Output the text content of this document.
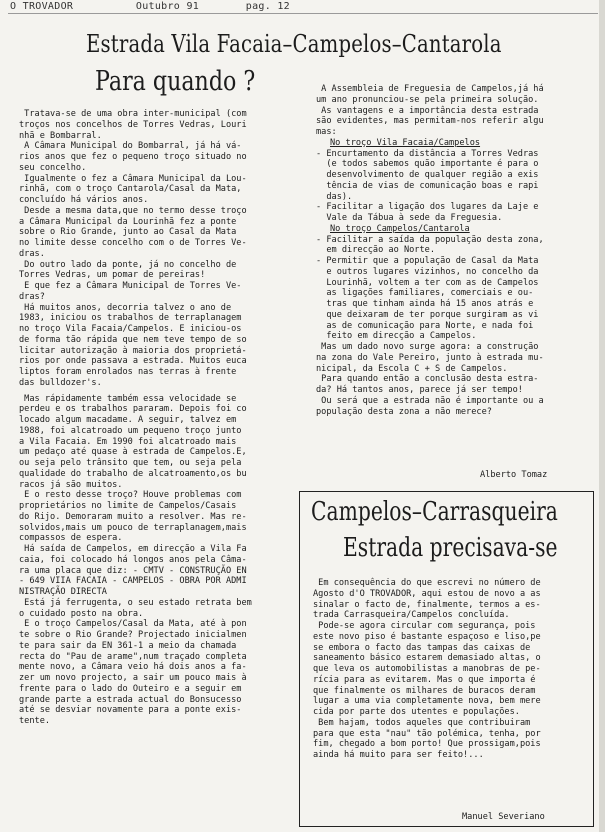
O TROVADOR	Outubro 91	pag. 12
Estrada Vila Facaia–Campelos–Cantarola
Para quando ?

Tratava-se de uma obra inter-municipal (com

troços nos concelhos de Torres Vedras, Louri

nhã e Bombarral.

A Câmara Municipal do Bombarral, já há vá-

rios anos que fez o pequeno troço situado no

seu concelho.

Igualmente o fez a Câmara Municipal da Lou-

rinhã, com o troço Cantarola/Casal da Mata,

concluído há vários anos.

Desde a mesma data,que no termo desse troço

a Câmara Municipal da Lourinhã fez a ponte

sobre o Rio Grande, junto ao Casal da Mata

no limite desse concelho com o de Torres Ve-

dras.

Do outro lado da ponte, já no concelho de

Torres Vedras, um pomar de pereiras!

E que fez a Câmara Municipal de Torres Ve-

dras?

Há muitos anos, decorria talvez o ano de

1983, iniciou os trabalhos de terraplanagem

no troço Vila Facaia/Campelos. E iniciou-os

de forma tão rápida que nem teve tempo de so

licitar autorização à maioria dos proprietá-

rios por onde passava a estrada. Muitos euca

liptos foram enrolados nas terras à frente

das bulldozer's.

Mas rápidamente também essa velocidade se

perdeu e os trabalhos pararam. Depois foi co

locado algum macadame. A seguir, talvez em

1988, foi alcatroado um pequeno troço junto

a Vila Facaia. Em 1990 foi alcatroado mais

um pedaço até quase à estrada de Campelos.E,

ou seja pelo trânsito que tem, ou seja pela

qualidade do trabalho de alcatroamento,os bu

racos já são muitos.

E o resto desse troço? Houve problemas com

proprietários no limite de Campelos/Casais

do Rijo. Demoraram muito a resolver. Mas re-

solvidos,mais um pouco de terraplanagem,mais

compassos de espera.

Há saída de Campelos, em direcção a Vila Fa

caia, foi colocado há longos anos pela Câma-

ra uma placa que diz: - CMTV - CONSTRUÇÃO EN

- 649 VIIA FACAIA - CAMPELOS - OBRA POR ADMI

NISTRAÇÃO DIRECTA

Está já ferrugenta, o seu estado retrata bem

o cuidado posto na obra.

E o troço Campelos/Casal da Mata, até à pon

te sobre o Rio Grande? Projectado inicialmen

te para sair da EN 361-1 a meio da chamada

recta do "Pau de arame",num traçado completa

mente novo, a Câmara veio há dois anos a fa-

zer um novo projecto, a sair um pouco mais à

frente para o lado do Outeiro e a seguir em

grande parte a estrada actual do Bonsucesso

até se desviar novamente para a ponte exis-

tente.

A Assembleia de Freguesia de Campelos,já há

um ano pronunciou-se pela primeira solução.

As vantagens e a importância desta estrada

são evidentes, mas permitam-nos referir algu

mas:

No troço Vila Facaia/Campelos

- Encurtamento da distância a Torres Vedras

(e todos sabemos quão importante é para o

desenvolvimento de qualquer região a exis

tência de vias de comunicação boas e rapi

das).

- Facilitar a ligação dos lugares da Laje e

Vale da Tábua à sede da Freguesia.

No troço Campelos/Cantarola

- Facilitar a saída da população desta zona,

em direcção ao Norte.

- Permitir que a população de Casal da Mata

e outros lugares vizinhos, no concelho da

Lourinhã, voltem a ter com as de Campelos

as ligações familiares, comerciais e ou-

tras que tinham ainda há 15 anos atrás e

que deixaram de ter porque surgiram as vi

as de comunicação para Norte, e nada foi

feito em direcção a Campelos.

Mas um dado novo surge agora: a construção

na zona do Vale Pereiro, junto à estrada mu-

nicipal, da Escola C + S de Campelos.

Para quando então a conclusão desta estra-

da? Há tantos anos, parece já ser tempo!

Ou será que a estrada não é importante ou a

população desta zona a não merece?

Alberto Tomaz
Campelos–Carrasqueira
Estrada precisava-se

Em consequência do que escrevi no número de

Agosto d'O TROVADOR, aqui estou de novo a as

sinalar o facto de, finalmente, termos a es-

trada Carrasqueira/Campelos concluída.

Pode-se agora circular com segurança, pois

este novo piso é bastante espaçoso e liso,pe

se embora o facto das tampas das caixas de

saneamento básico estarem demasiado altas, o

que leva os automobilistas a manobras de pe-

rícia para as evitarem. Mas o que importa é

que finalmente os milhares de buracos deram

lugar a uma via completamente nova, bem mere

cida por parte dos utentes e populações.

Bem hajam, todos aqueles que contribuiram

para que esta "nau" tão polémica, tenha, por

fim, chegado a bom porto! Que prossigam,pois

ainda há muito para ser feito!...

Manuel Severiano
